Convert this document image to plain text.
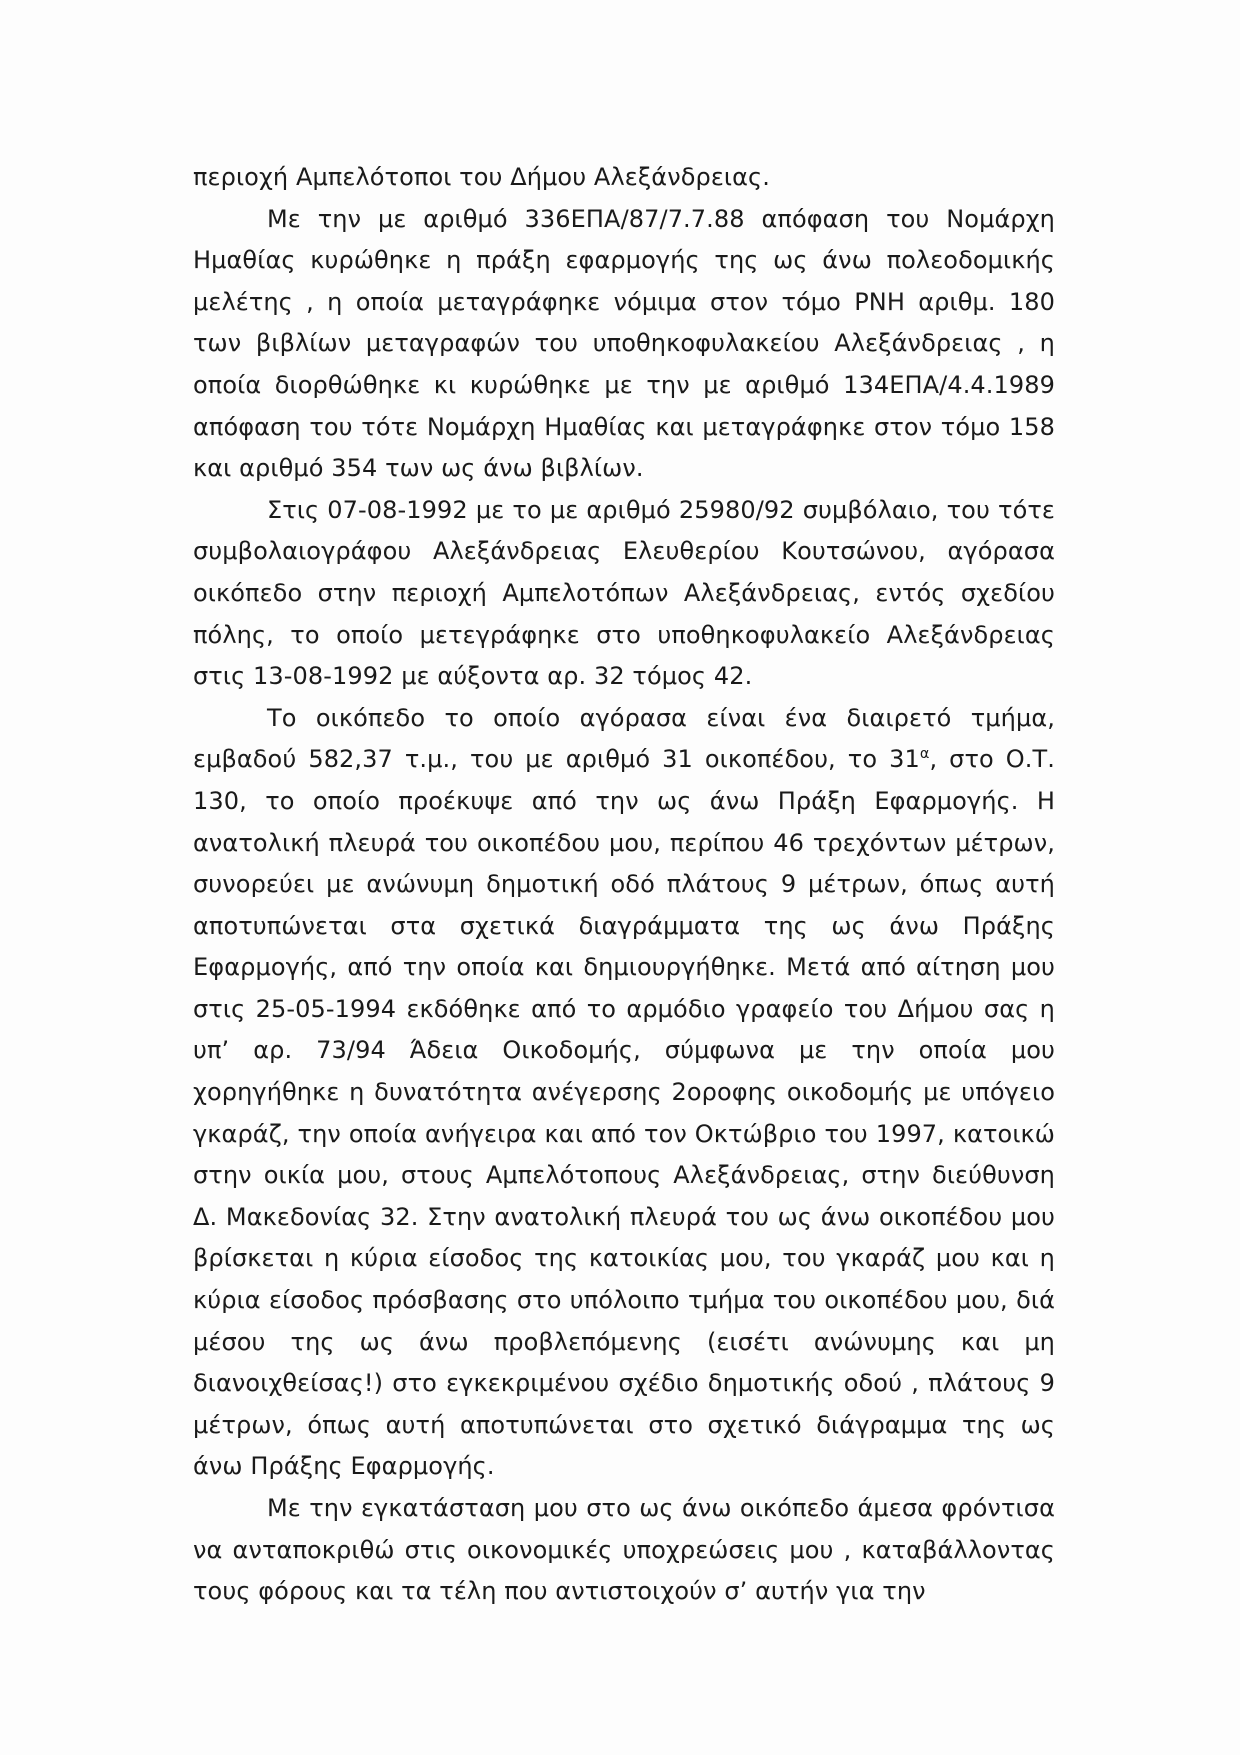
περιοχή Αμπελότοποι του Δήμου Αλεξάνδρειας.

Με την με αριθμό 336ΕΠΑ/87/7.7.88 απόφαση του Νομάρχη Ημαθίας κυρώθηκε η πράξη εφαρμογής της ως άνω πολεοδομικής μελέτης , η οποία μεταγράφηκε νόμιμα στον τόμο ΡΝΗ αριθμ. 180 των βιβλίων μεταγραφών του υποθηκοφυλακείου Αλεξάνδρειας , η οποία διορθώθηκε κι κυρώθηκε με την με αριθμό 134ΕΠΑ/4.4.1989 απόφαση του τότε Νομάρχη Ημαθίας και μεταγράφηκε στον τόμο 158 και αριθμό 354 των ως άνω βιβλίων.

Στις 07-08-1992 με το με αριθμό 25980/92 συμβόλαιο, του τότε συμβολαιογράφου Αλεξάνδρειας Ελευθερίου Κουτσώνου, αγόρασα οικόπεδο στην περιοχή Αμπελοτόπων Αλεξάνδρειας, εντός σχεδίου πόλης, το οποίο μετεγράφηκε στο υποθηκοφυλακείο Αλεξάνδρειας στις 13-08-1992 με αύξοντα αρ. 32 τόμος 42.

Το οικόπεδο το οποίο αγόρασα είναι ένα διαιρετό τμήμα, εμβαδού 582,37 τ.μ., του με αριθμό 31 οικοπέδου, το $31^\alpha$, στο Ο.Τ. 130, το οποίο προέκυψε από την ως άνω Πράξη Εφαρμογής. Η ανατολική πλευρά του οικοπέδου μου, περίπου 46 τρεχόντων μέτρων, συνορεύει με ανώνυμη δημοτική οδό πλάτους 9 μέτρων, όπως αυτή αποτυπώνεται στα σχετικά διαγράμματα της ως άνω Πράξης Εφαρμογής, από την οποία και δημιουργήθηκε. Μετά από αίτηση μου στις 25-05-1994 εκδόθηκε από το αρμόδιο γραφείο του Δήμου σας η υπ’ αρ. 73/94 Άδεια Οικοδομής, σύμφωνα με την οποία μου χορηγήθηκε η δυνατότητα ανέγερσης 2οροφης οικοδομής με υπόγειο γκαράζ, την οποία ανήγειρα και από τον Οκτώβριο του 1997, κατοικώ στην οικία μου, στους Αμπελότοπους Αλεξάνδρειας, στην διεύθυνση Δ. Μακεδονίας 32. Στην ανατολική πλευρά του ως άνω οικοπέδου μου βρίσκεται η κύρια είσοδος της κατοικίας μου, του γκαράζ μου και η κύρια είσοδος πρόσβασης στο υπόλοιπο τμήμα του οικοπέδου μου, διά μέσου της ως άνω προβλεπόμενης (εισέτι ανώνυμης και μη διανοιχθείσας!) στο εγκεκριμένου σχέδιο δημοτικής οδού , πλάτους 9 μέτρων, όπως αυτή αποτυπώνεται στο σχετικό διάγραμμα της ως άνω Πράξης Εφαρμογής.

Με την εγκατάσταση μου στο ως άνω οικόπεδο άμεσα φρόντισα να ανταποκριθώ στις οικονομικές υποχρεώσεις μου , καταβάλλοντας τους φόρους και τα τέλη που αντιστοιχούν σ’ αυτήν για την
